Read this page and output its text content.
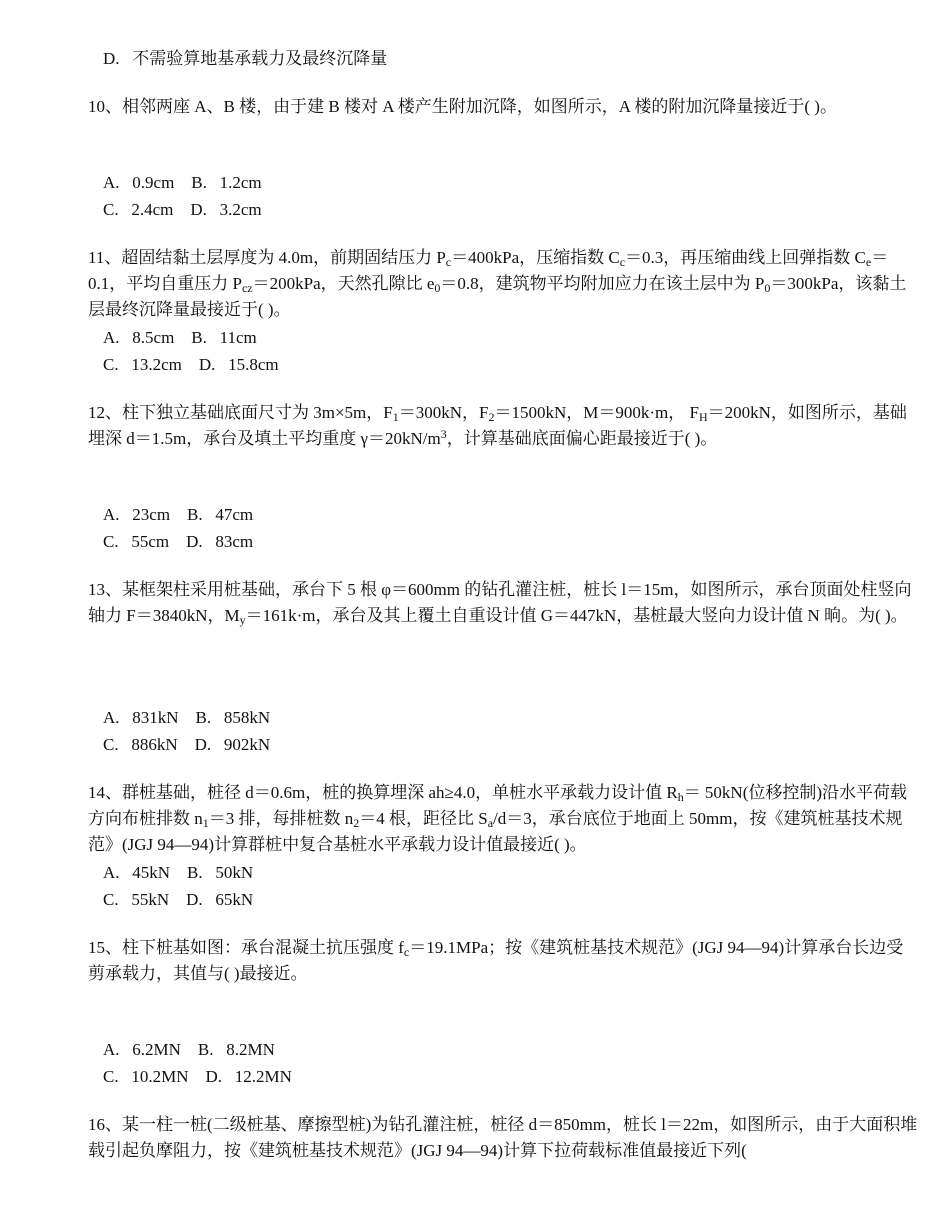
D.   不需验算地基承载力及最终沉降量

10、相邻两座 A、B 楼，由于建 B 楼对 A 楼产生附加沉降，如图所示，A 楼的附加沉降量接近于( )。

A.   0.9cm    B.   1.2cm
C.   2.4cm    D.   3.2cm

11、超固结黏土层厚度为 4.0m，前期固结压力 $P_c=400kPa$，压缩指数 $C_c=0.3$，再压缩曲线上回弹指数 $C_e=0.1$，平均自重压力 $P_{cz}=200kPa$，天然孔隙比 $e_0=0.8$，建筑物平均附加应力在该土层中为 $P_0=300kPa$，该黏土层最终沉降量最接近于( )。

A.   8.5cm    B.   11cm
C.   13.2cm    D.   15.8cm

12、柱下独立基础底面尺寸为 3m×5m，$F_1=300kN$，$F_2=1500kN$，M＝900k·m， $F_H=200kN$，如图所示，基础埋深 d＝1.5m，承台及填土平均重度 $\gamma=20kN/m^3$，计算基础底面偏心距最接近于( )。

A.   23cm    B.   47cm
C.   55cm    D.   83cm

13、某框架柱采用桩基础，承台下 5 根 φ＝600mm 的钻孔灌注桩，桩长 l＝15m，如图所示，承台顶面处柱竖向轴力 F＝3840kN，$M_y=161k\cdot m$，承台及其上覆土自重设计值 G＝447kN，基桩最大竖向力设计值 N 晌。为( )。

A.   831kN    B.   858kN
C.   886kN    D.   902kN

14、群桩基础，桩径 d＝0.6m，桩的换算埋深 ah≥4.0，单桩水平承载力设计值 $R_h= 50kN$(位移控制)沿水平荷载方向布桩排数 $n_1=3$ 排，每排桩数 $n_2=4$ 根，距径比 $S_a/d=3$，承台底位于地面上 50mm，按《建筑桩基技术规范》(JGJ 94—94)计算群桩中复合基桩水平承载力设计值最接近( )。

A.   45kN    B.   50kN
C.   55kN    D.   65kN

15、柱下桩基如图：承台混凝土抗压强度 $f_c=19.1MPa$；按《建筑桩基技术规范》(JGJ 94—94)计算承台长边受剪承载力，其值与( )最接近。

A.   6.2MN    B.   8.2MN
C.   10.2MN    D.   12.2MN

16、某一柱一桩(二级桩基、摩擦型桩)为钻孔灌注桩，桩径 d＝850mm，桩长 l＝22m，如图所示，由于大面积堆载引起负摩阻力，按《建筑桩基技术规范》(JGJ 94—94)计算下拉荷载标准值最接近下列(
